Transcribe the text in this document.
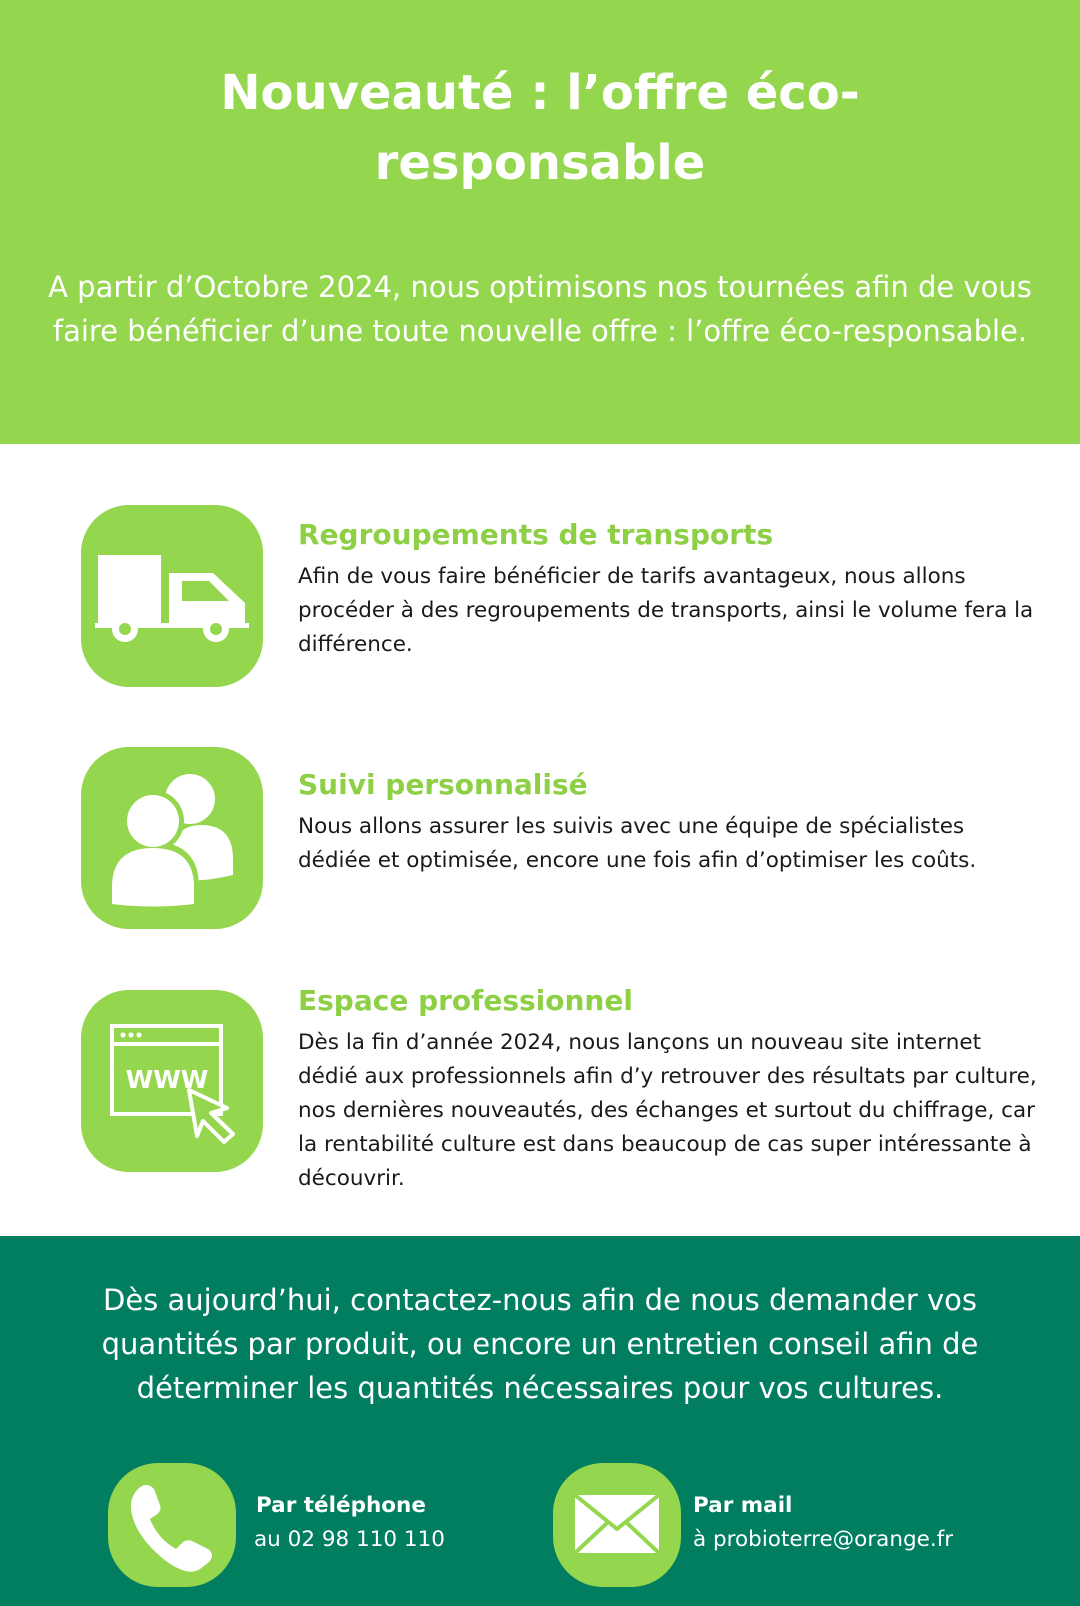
Nouveauté : l’offre éco-responsable

A partir d’Octobre 2024, nous optimisons nos tournées afin de vous faire bénéficier d’une toute nouvelle offre : l’offre éco-responsable.

Regroupements de transports

Afin de vous faire bénéficier de tarifs avantageux, nous allons procéder à des regroupements de transports, ainsi le volume fera la différence.

Suivi personnalisé

Nous allons assurer les suivis avec une équipe de spécialistes dédiée et optimisée, encore une fois afin d’optimiser les coûts.

WWW
Espace professionnel

Dès la fin d’année 2024, nous lançons un nouveau site internet dédié aux professionnels afin d’y retrouver des résultats par culture, nos dernières nouveautés, des échanges et surtout du chiffrage, car la rentabilité culture est dans beaucoup de cas super intéressante à découvrir.

Dès aujourd’hui, contactez-nous afin de nous demander vos quantités par produit, ou encore un entretien conseil afin de déterminer les quantités nécessaires pour vos cultures.

Par téléphone
au 02 98 110 110
Par mail
à probioterre@orange.fr
